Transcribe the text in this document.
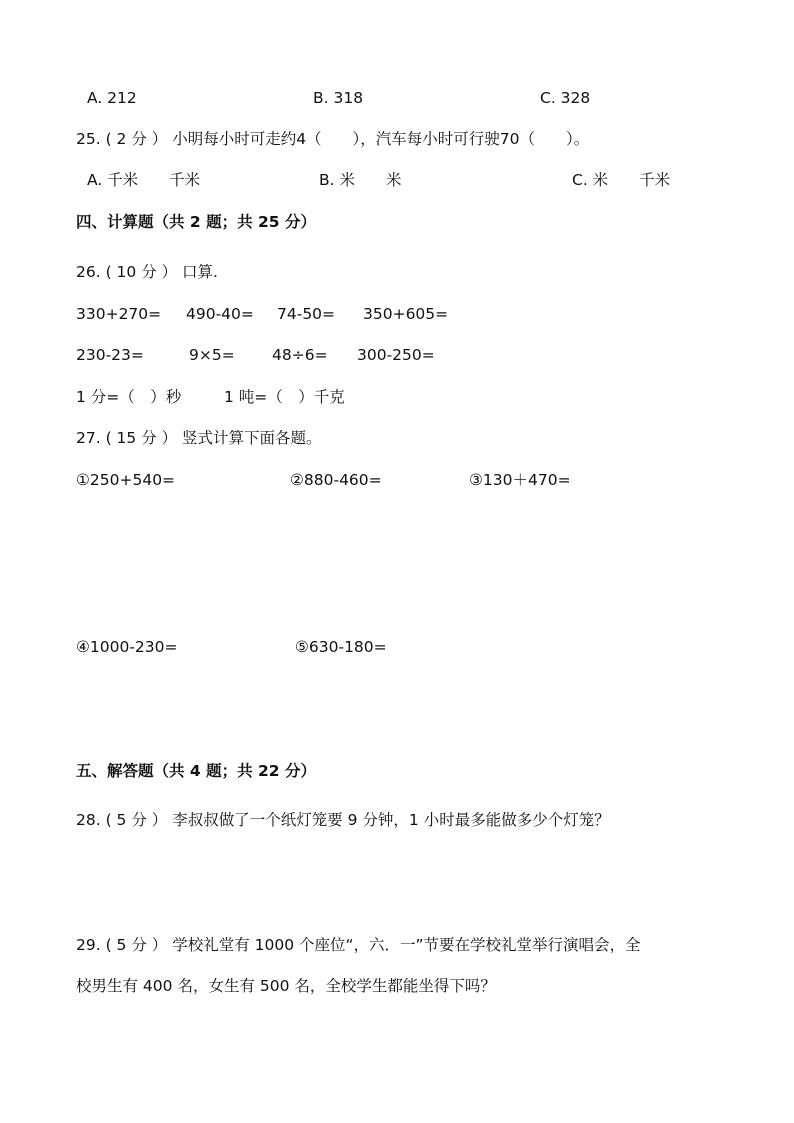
A. 212	B. 318	C. 328
25. ( 2 分 ） 小明每小时可走约4（　　），汽车每小时可行驶70（　　）。
A. 千米　　千米	B. 米　　米	C. 米　　千米
四、计算题（共 2 题；共 25 分）
26. ( 10 分 ） 口算.
330+270= 490-40= 74-50= 350+605=
230-23=	9×5= 48÷6= 300-250=
1 分=（　）秒	1 吨=（　）千克
27. ( 15 分 ） 竖式计算下面各题。
①250+540=	②880-460=	③130＋470=
④1000-230=	⑤630-180=
五、解答题（共 4 题；共 22 分）
28. ( 5 分 ） 李叔叔做了一个纸灯笼要 9 分钟，1 小时最多能做多少个灯笼？
29. ( 5 分 ） 学校礼堂有 1000 个座位“，六．一”节要在学校礼堂举行演唱会，全
校男生有 400 名，女生有 500 名，全校学生都能坐得下吗？
